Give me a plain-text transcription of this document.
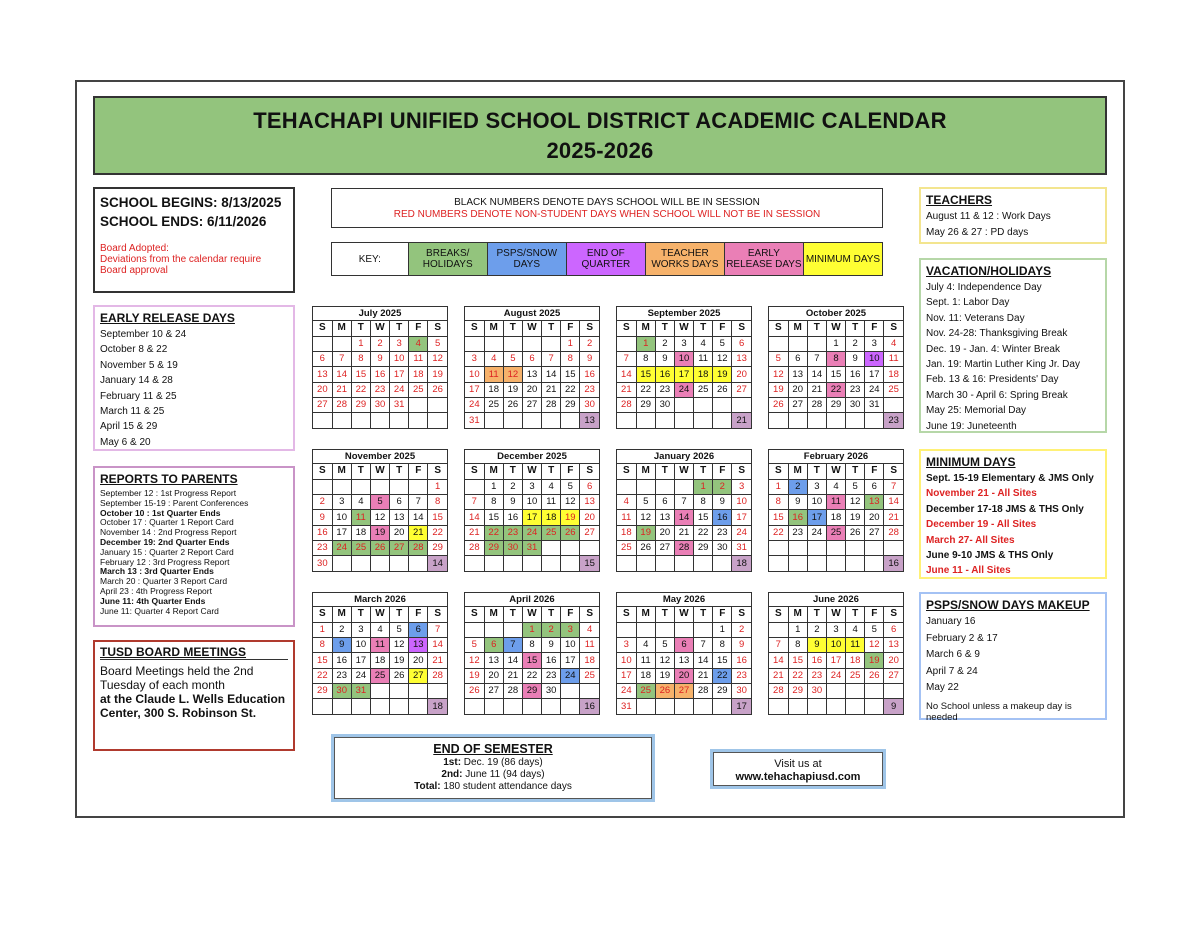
TEHACHAPI UNIFIED SCHOOL DISTRICT ACADEMIC CALENDAR
2025-2026
SCHOOL BEGINS: 8/13/2025
SCHOOL ENDS: 6/11/2026
Board Adopted:
Deviations from the calendar require Board approval
BLACK NUMBERS DENOTE DAYS SCHOOL WILL BE IN SESSION
RED NUMBERS DENOTE NON-STUDENT DAYS WHEN SCHOOL WILL NOT BE IN SESSION
KEY:	BREAKS/ HOLIDAYS
PSPS/SNOW DAYS
END OF QUARTER
TEACHER WORKS DAYS
EARLY RELEASE DAYS MINIMUM DAYS
EARLY RELEASE DAYS
September 10 & 24
October 8 & 22
November 5 & 19
January 14 & 28
February 11 & 25
March 11 & 25
April 15 & 29
May 6 & 20
REPORTS TO PARENTS
September 12 : 1st Progress Report
September 15-19 : Parent Conferences
October 10 : 1st Quarter Ends
October 17 : Quarter 1 Report Card
November 14 : 2nd Progress Report
December 19: 2nd Quarter Ends
January 15 : Quarter 2 Report Card
February 12 : 3rd Progress Report
March 13 : 3rd Quarter Ends
March 20 : Quarter 3 Report Card
April 23 : 4th Progress Report
June 11: 4th Quarter Ends
June 11: Quarter 4 Report Card
TUSD BOARD MEETINGS
Board Meetings held the 2nd Tuesday of each month
at the Claude L. Wells Education Center, 300 S. Robinson St.
TEACHERS
August 11 & 12 : Work Days
May 26 & 27 : PD days
VACATION/HOLIDAYS
July 4: Independence Day
Sept. 1: Labor Day
Nov. 11: Veterans Day
Nov. 24-28: Thanksgiving Break
Dec. 19 - Jan. 4: Winter Break
Jan. 19: Martin Luther King Jr. Day
Feb. 13 & 16: Presidents' Day
March 30 - April 6: Spring Break
May 25: Memorial Day
June 19: Juneteenth
MINIMUM DAYS
Sept. 15-19 Elementary & JMS Only
November 21 - All Sites
December 17-18 JMS & THS Only
December 19 - All Sites
March 27- All Sites
June 9-10 JMS & THS Only
June 11 - All Sites
PSPS/SNOW DAYS MAKEUP
January 16
February 2 & 17
March 6 & 9
April 7 & 24
May 22
No School unless a makeup day is needed
July 2025
S	M	T	W	T	F	S
		1	2	3	4	5
6	7	8	9	10	11	12
13	14	15	16	17	18	19
20	21	22	23	24	25	26
27	28	29	30	31		

August 2025
S	M	T	W	T	F	S
					1	2
3	4	5	6	7	8	9
10	11	12	13	14	15	16
17	18	19	20	21	22	23
24	25	26	27	28	29	30
31						13
September 2025
S	M	T	W	T	F	S
	1	2	3	4	5	6
7	8	9	10	11	12	13
14	15	16	17	18	19	20
21	22	23	24	25	26	27
28	29	30				
						21
October 2025
S	M	T	W	T	F	S
			1	2	3	4
5	6	7	8	9	10	11
12	13	14	15	16	17	18
19	20	21	22	23	24	25
26	27	28	29	30	31	
						23
November 2025
S	M	T	W	T	F	S
						1
2	3	4	5	6	7	8
9	10	11	12	13	14	15
16	17	18	19	20	21	22
23	24	25	26	27	28	29
30						14
December 2025
S	M	T	W	T	F	S
	1	2	3	4	5	6
7	8	9	10	11	12	13
14	15	16	17	18	19	20
21	22	23	24	25	26	27
28	29	30	31			
						15
January 2026
S	M	T	W	T	F	S
				1	2	3
4	5	6	7	8	9	10
11	12	13	14	15	16	17
18	19	20	21	22	23	24
25	26	27	28	29	30	31
						18
February 2026
S	M	T	W	T	F	S
1	2	3	4	5	6	7
8	9	10	11	12	13	14
15	16	17	18	19	20	21
22	23	24	25	26	27	28

						16
March 2026
S	M	T	W	T	F	S
1	2	3	4	5	6	7
8	9	10	11	12	13	14
15	16	17	18	19	20	21
22	23	24	25	26	27	28
29	30	31				
						18
April 2026
S	M	T	W	T	F	S
			1	2	3	4
5	6	7	8	9	10	11
12	13	14	15	16	17	18
19	20	21	22	23	24	25
26	27	28	29	30		
						16
May 2026
S	M	T	W	T	F	S
					1	2
3	4	5	6	7	8	9
10	11	12	13	14	15	16
17	18	19	20	21	22	23
24	25	26	27	28	29	30
31						17
June 2026
S	M	T	W	T	F	S
	1	2	3	4	5	6
7	8	9	10	11	12	13
14	15	16	17	18	19	20
21	22	23	24	25	26	27
28	29	30				
						9
END OF SEMESTER
1st: Dec. 19 (86 days)
2nd: June 11 (94 days)
Total: 180 student attendance days
Visit us at
www.tehachapiusd.com
